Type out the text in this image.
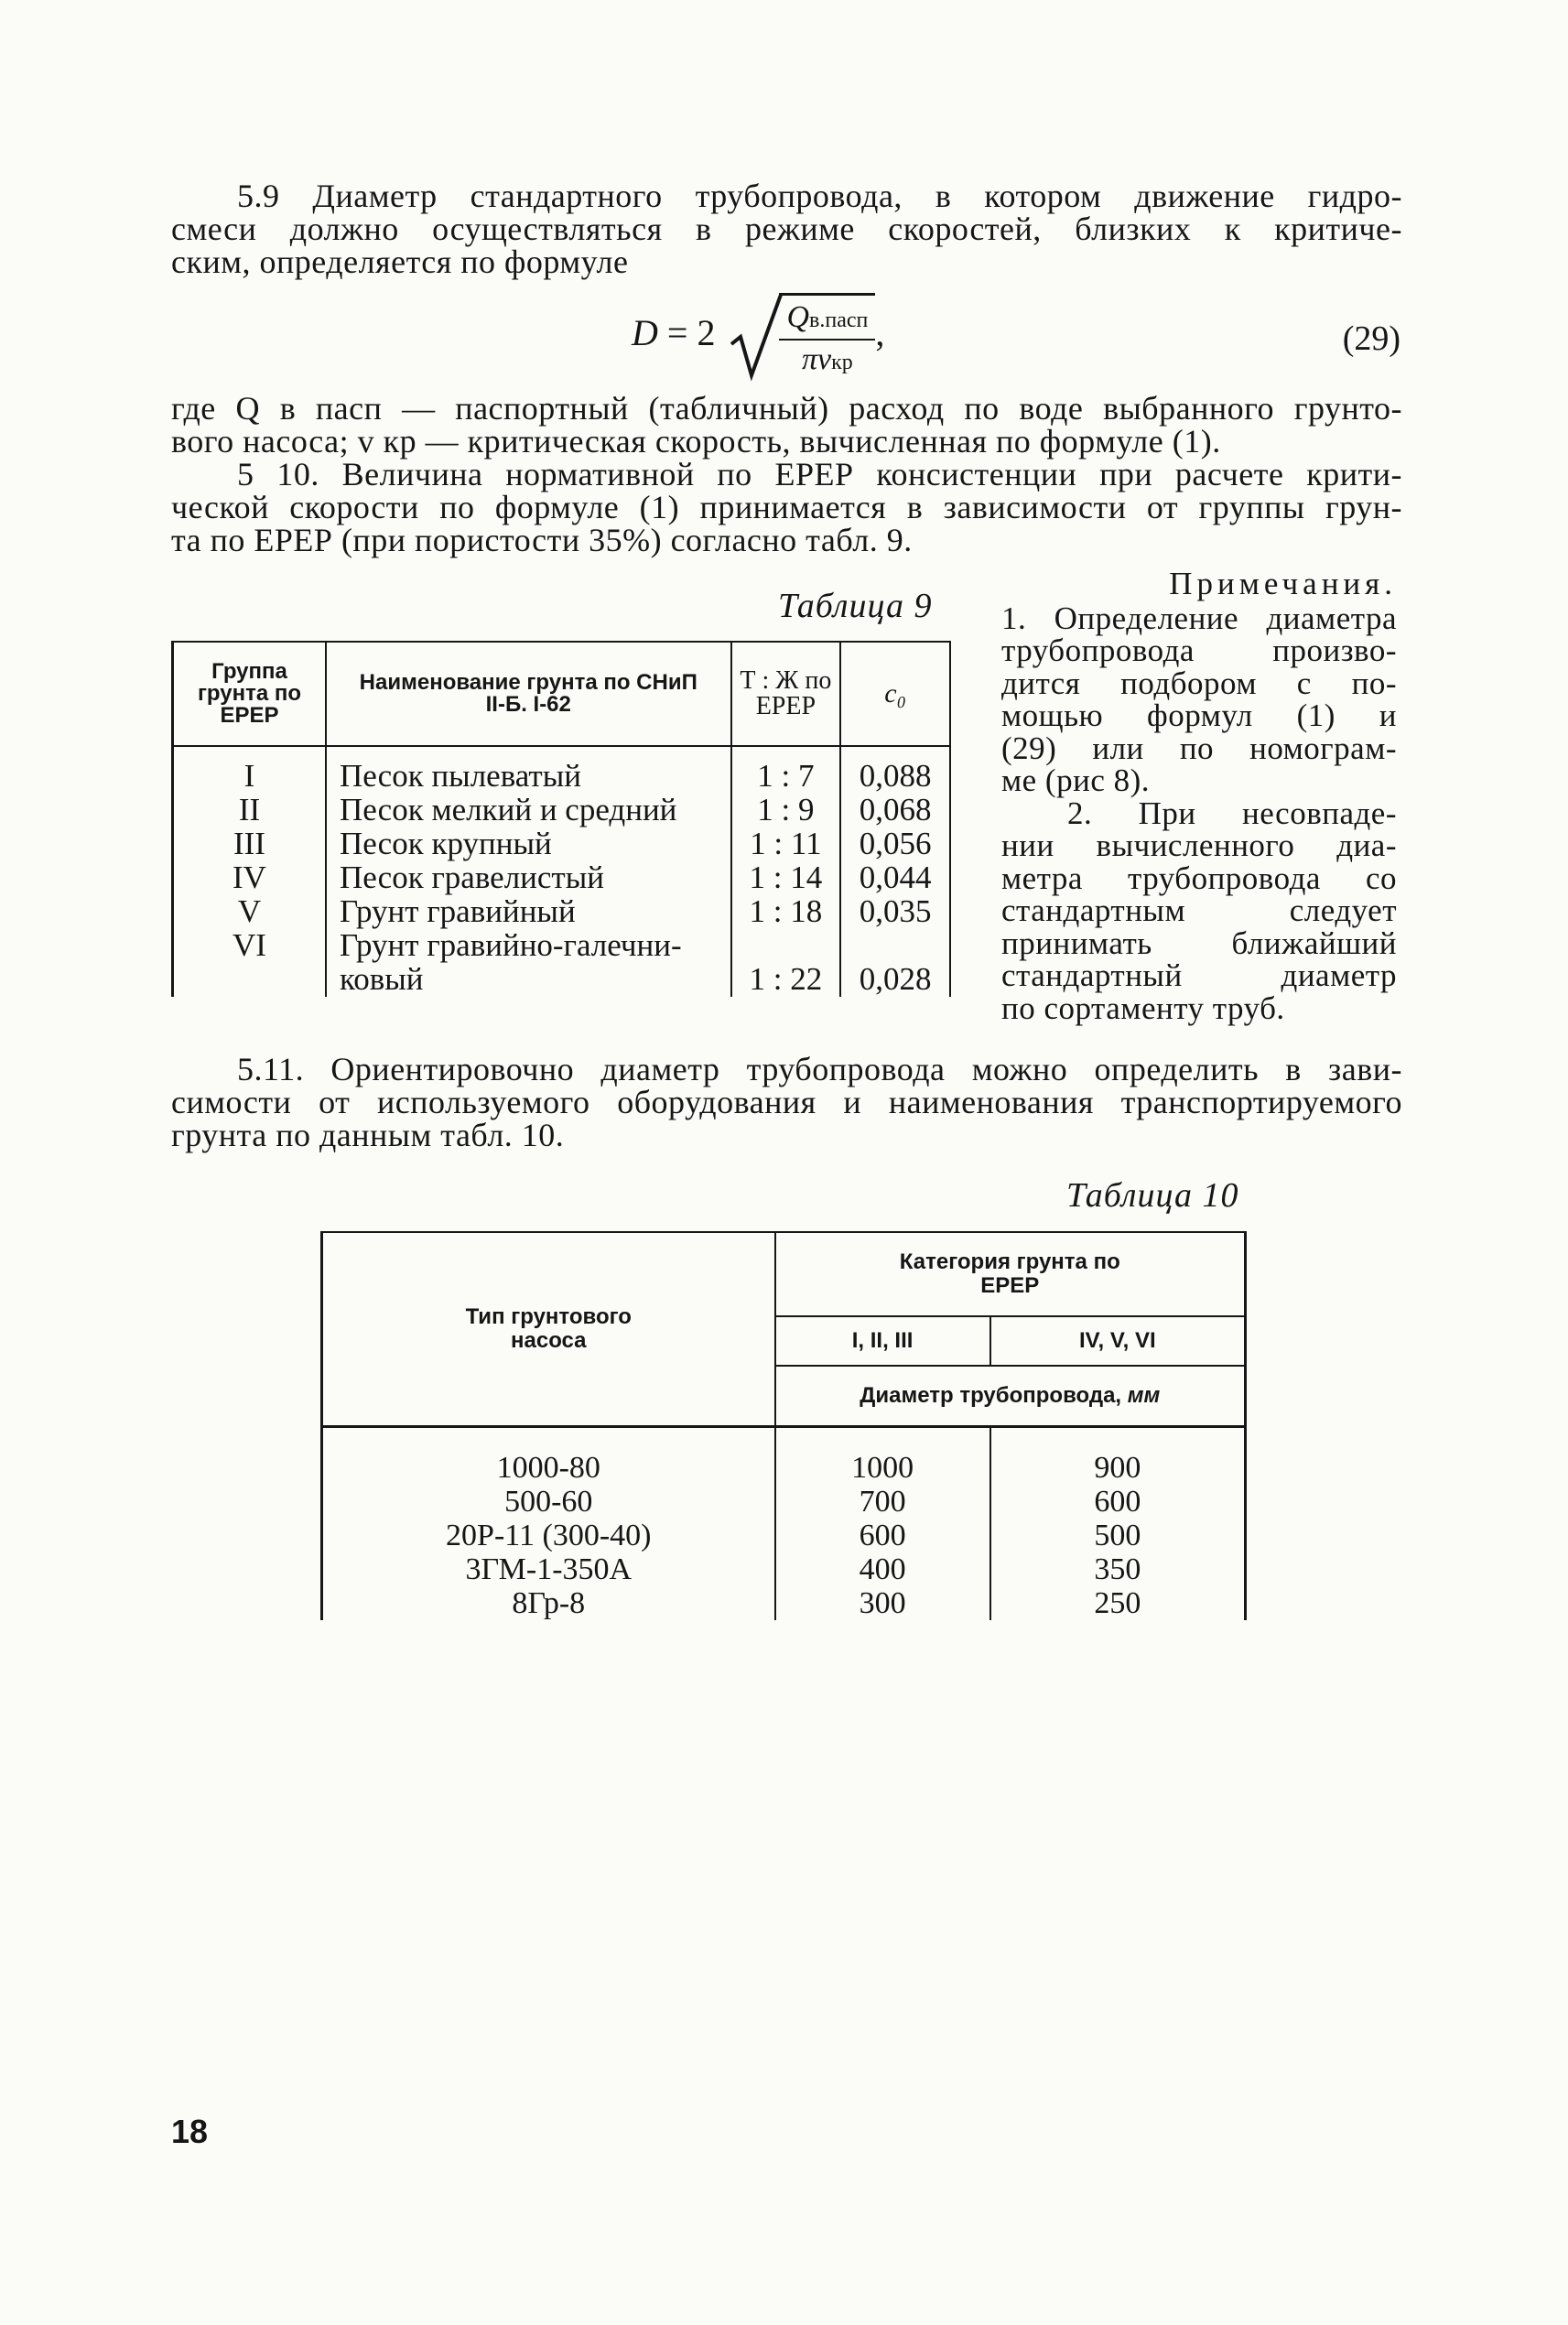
5.9 Диаметр стандартного трубопровода, в котором движение гидро-
смеси должно осуществляться в режиме скоростей, близких к критиче-
ским, определяется по формуле
$D = 2 \frac{\text{Qв.пасп}}{\text{πvкр}}$ ,	(29)
где Q в пасп — паспортный (табличный) расход по воде выбранного грунто-
вого насоса; v кр — критическая скорость, вычисленная по формуле (1).
5 10. Величина нормативной по ЕРЕР консистенции при расчете крити-
ческой скорости по формуле (1) принимается в зависимости от группы грун-
та по ЕРЕР (при пористости 35%) согласно табл. 9.
Таблица 9
Группа грунта по ЕРЕР	Наименование грунта по СНиП II-Б. I-62	Т : Ж по ЕРЕР	c₀
I	Песок пылеватый	1 : 7	0,088
II	Песок мелкий и средний	1 : 9	0,068
III	Песок крупный	1 : 11	0,056
IV	Песок гравелистый	1 : 14	0,044
V	Грунт гравийный	1 : 18	0,035
VI	Грунт гравийно-галечни-		
	ковый	1 : 22	0,028
Примечания.
1. Определение диаметра
трубопровода произво-
дится подбором с по-
мощью формул (1) и
(29) или по номограм-
ме (рис 8).
2. При несовпаде-
нии вычисленного диа-
метра трубопровода со
стандартным следует
принимать ближайший
стандартный диаметр
по сортаменту труб.
5.11. Ориентировочно диаметр трубопровода можно определить в зави-
симости от используемого оборудования и наименования транспортируемого
грунта по данным табл. 10.
Таблица 10
Тип грунтового насоса	Категория грунта по ЕРЕР	
	I, II, III	IV, V, VI
	Диаметр трубопровода, мм	
1000-80	1000	900
500-60	700	600
20Р-11 (300-40)	600	500
3ГМ-1-350А	400	350
8Гр-8	300	250
18
